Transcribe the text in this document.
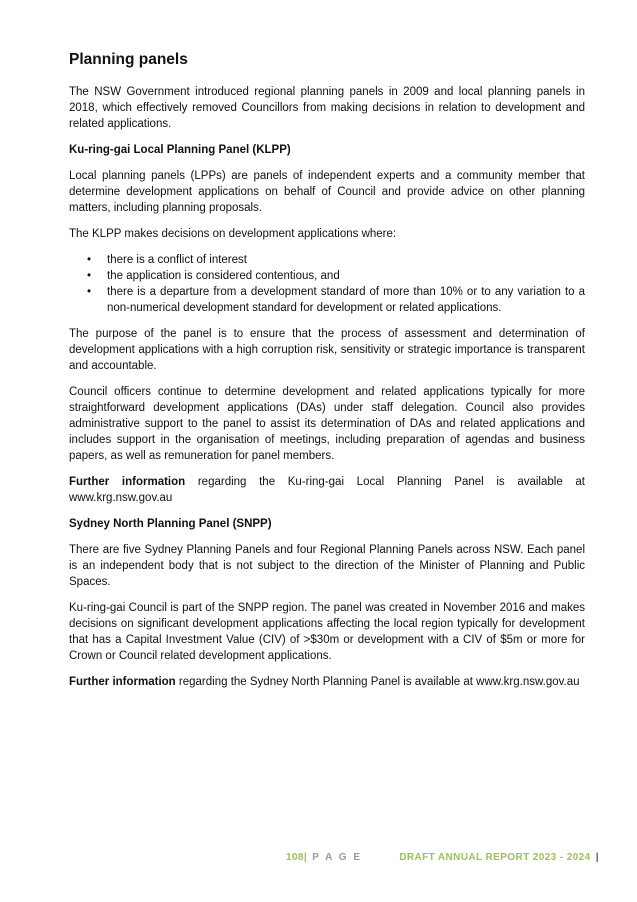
Planning panels

The NSW Government introduced regional planning panels in 2009 and local planning panels in 2018, which effectively removed Councillors from making decisions in relation to development and related applications.

Ku-ring-gai Local Planning Panel (KLPP)

Local planning panels (LPPs) are panels of independent experts and a community member that determine development applications on behalf of Council and provide advice on other planning matters, including planning proposals.

The KLPP makes decisions on development applications where:

• there is a conflict of interest
• the application is considered contentious, and
• there is a departure from a development standard of more than 10% or to any variation to a non-numerical development standard for development or related applications.

The purpose of the panel is to ensure that the process of assessment and determination of development applications with a high corruption risk, sensitivity or strategic importance is transparent and accountable.

Council officers continue to determine development and related applications typically for more straightforward development applications (DAs) under staff delegation. Council also provides administrative support to the panel to assist its determination of DAs and related applications and includes support in the organisation of meetings, including preparation of agendas and business papers, as well as remuneration for panel members.

Further information regarding the Ku-ring-gai Local Planning Panel is available at www.krg.nsw.gov.au

Sydney North Planning Panel (SNPP)

There are five Sydney Planning Panels and four Regional Planning Panels across NSW. Each panel is an independent body that is not subject to the direction of the Minister of Planning and Public Spaces.

Ku-ring-gai Council is part of the SNPP region. The panel was created in November 2016 and makes decisions on significant development applications affecting the local region typically for development that has a Capital Investment Value (CIV) of >$30m or development with a CIV of $5m or more for Crown or Council related development applications.

Further information regarding the Sydney North Planning Panel is available at www.krg.nsw.gov.au

108| P A G E	DRAFT ANNUAL REPORT 2023 - 2024 |
